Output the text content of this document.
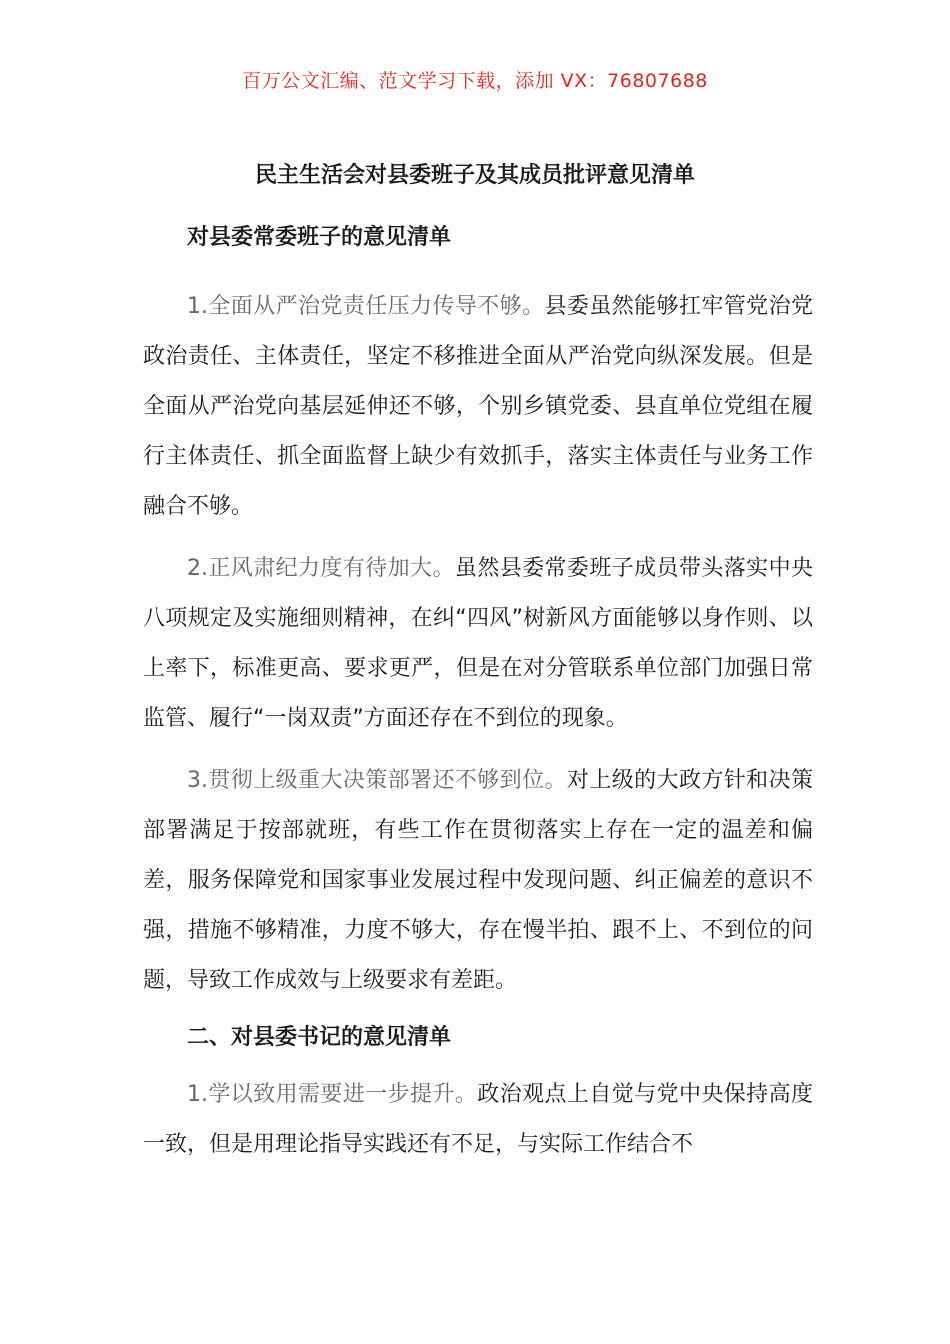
百万公文汇编、范文学习下载，添加 VX：76807688
民主生活会对县委班子及其成员批评意见清单

对县委常委班子的意见清单

1.全面从严治党责任压力传导不够。县委虽然能够扛牢管党治党政治责任、主体责任，坚定不移推进全面从严治党向纵深发展。但是全面从严治党向基层延伸还不够，个别乡镇党委、县直单位党组在履行主体责任、抓全面监督上缺少有效抓手，落实主体责任与业务工作融合不够。

2.正风肃纪力度有待加大。虽然县委常委班子成员带头落实中央八项规定及实施细则精神，在纠“四风”树新风方面能够以身作则、以上率下，标准更高、要求更严，但是在对分管联系单位部门加强日常监管、履行“一岗双责”方面还存在不到位的现象。

3.贯彻上级重大决策部署还不够到位。对上级的大政方针和决策部署满足于按部就班，有些工作在贯彻落实上存在一定的温差和偏差，服务保障党和国家事业发展过程中发现问题、纠正偏差的意识不强，措施不够精准，力度不够大，存在慢半拍、跟不上、不到位的问题，导致工作成效与上级要求有差距。

二、对县委书记的意见清单

1.学以致用需要进一步提升。政治观点上自觉与党中央保持高度一致，但是用理论指导实践还有不足，与实际工作结合不
